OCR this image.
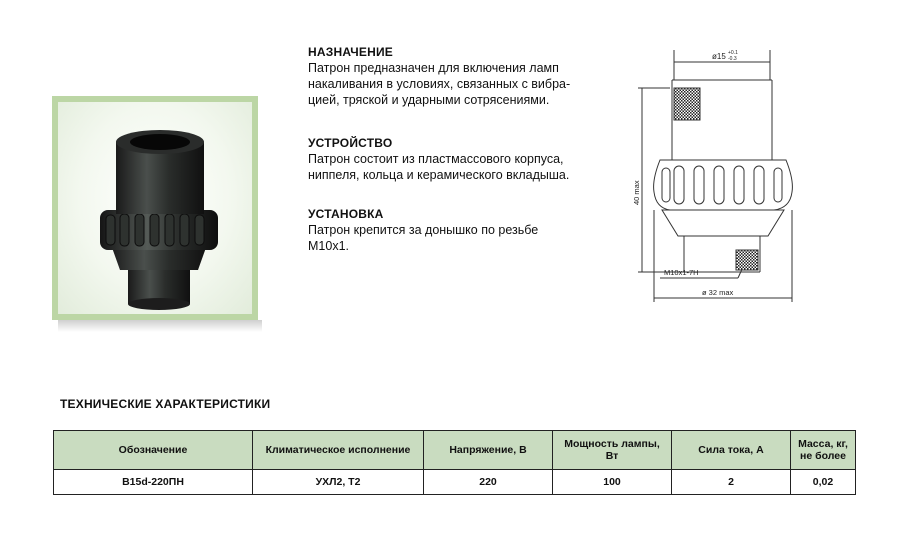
НАЗНАЧЕНИЕ
Патрон предназначен для включения ламп
накаливания в условиях, связанных с вибра-
цией, тряской и ударными сотрясениями.
УСТРОЙСТВО
Патрон состоит из пластмассового корпуса,
ниппеля, кольца и керамического вкладыша.
УСТАНОВКА
Патрон крепится за донышко по резьбе
М10х1.
ø15 +0.1
-0.3
40 max
M10x1-7H
ø 32 max
ТЕХНИЧЕСКИЕ ХАРАКТЕРИСТИКИ
Обозначение	Климатическое исполнение	Напряжение, В	Мощность лампы, Вт	Сила тока, А	Масса, кг, не более
В15d-220ПН	УХЛ2, Т2	220	100	2	0,02
